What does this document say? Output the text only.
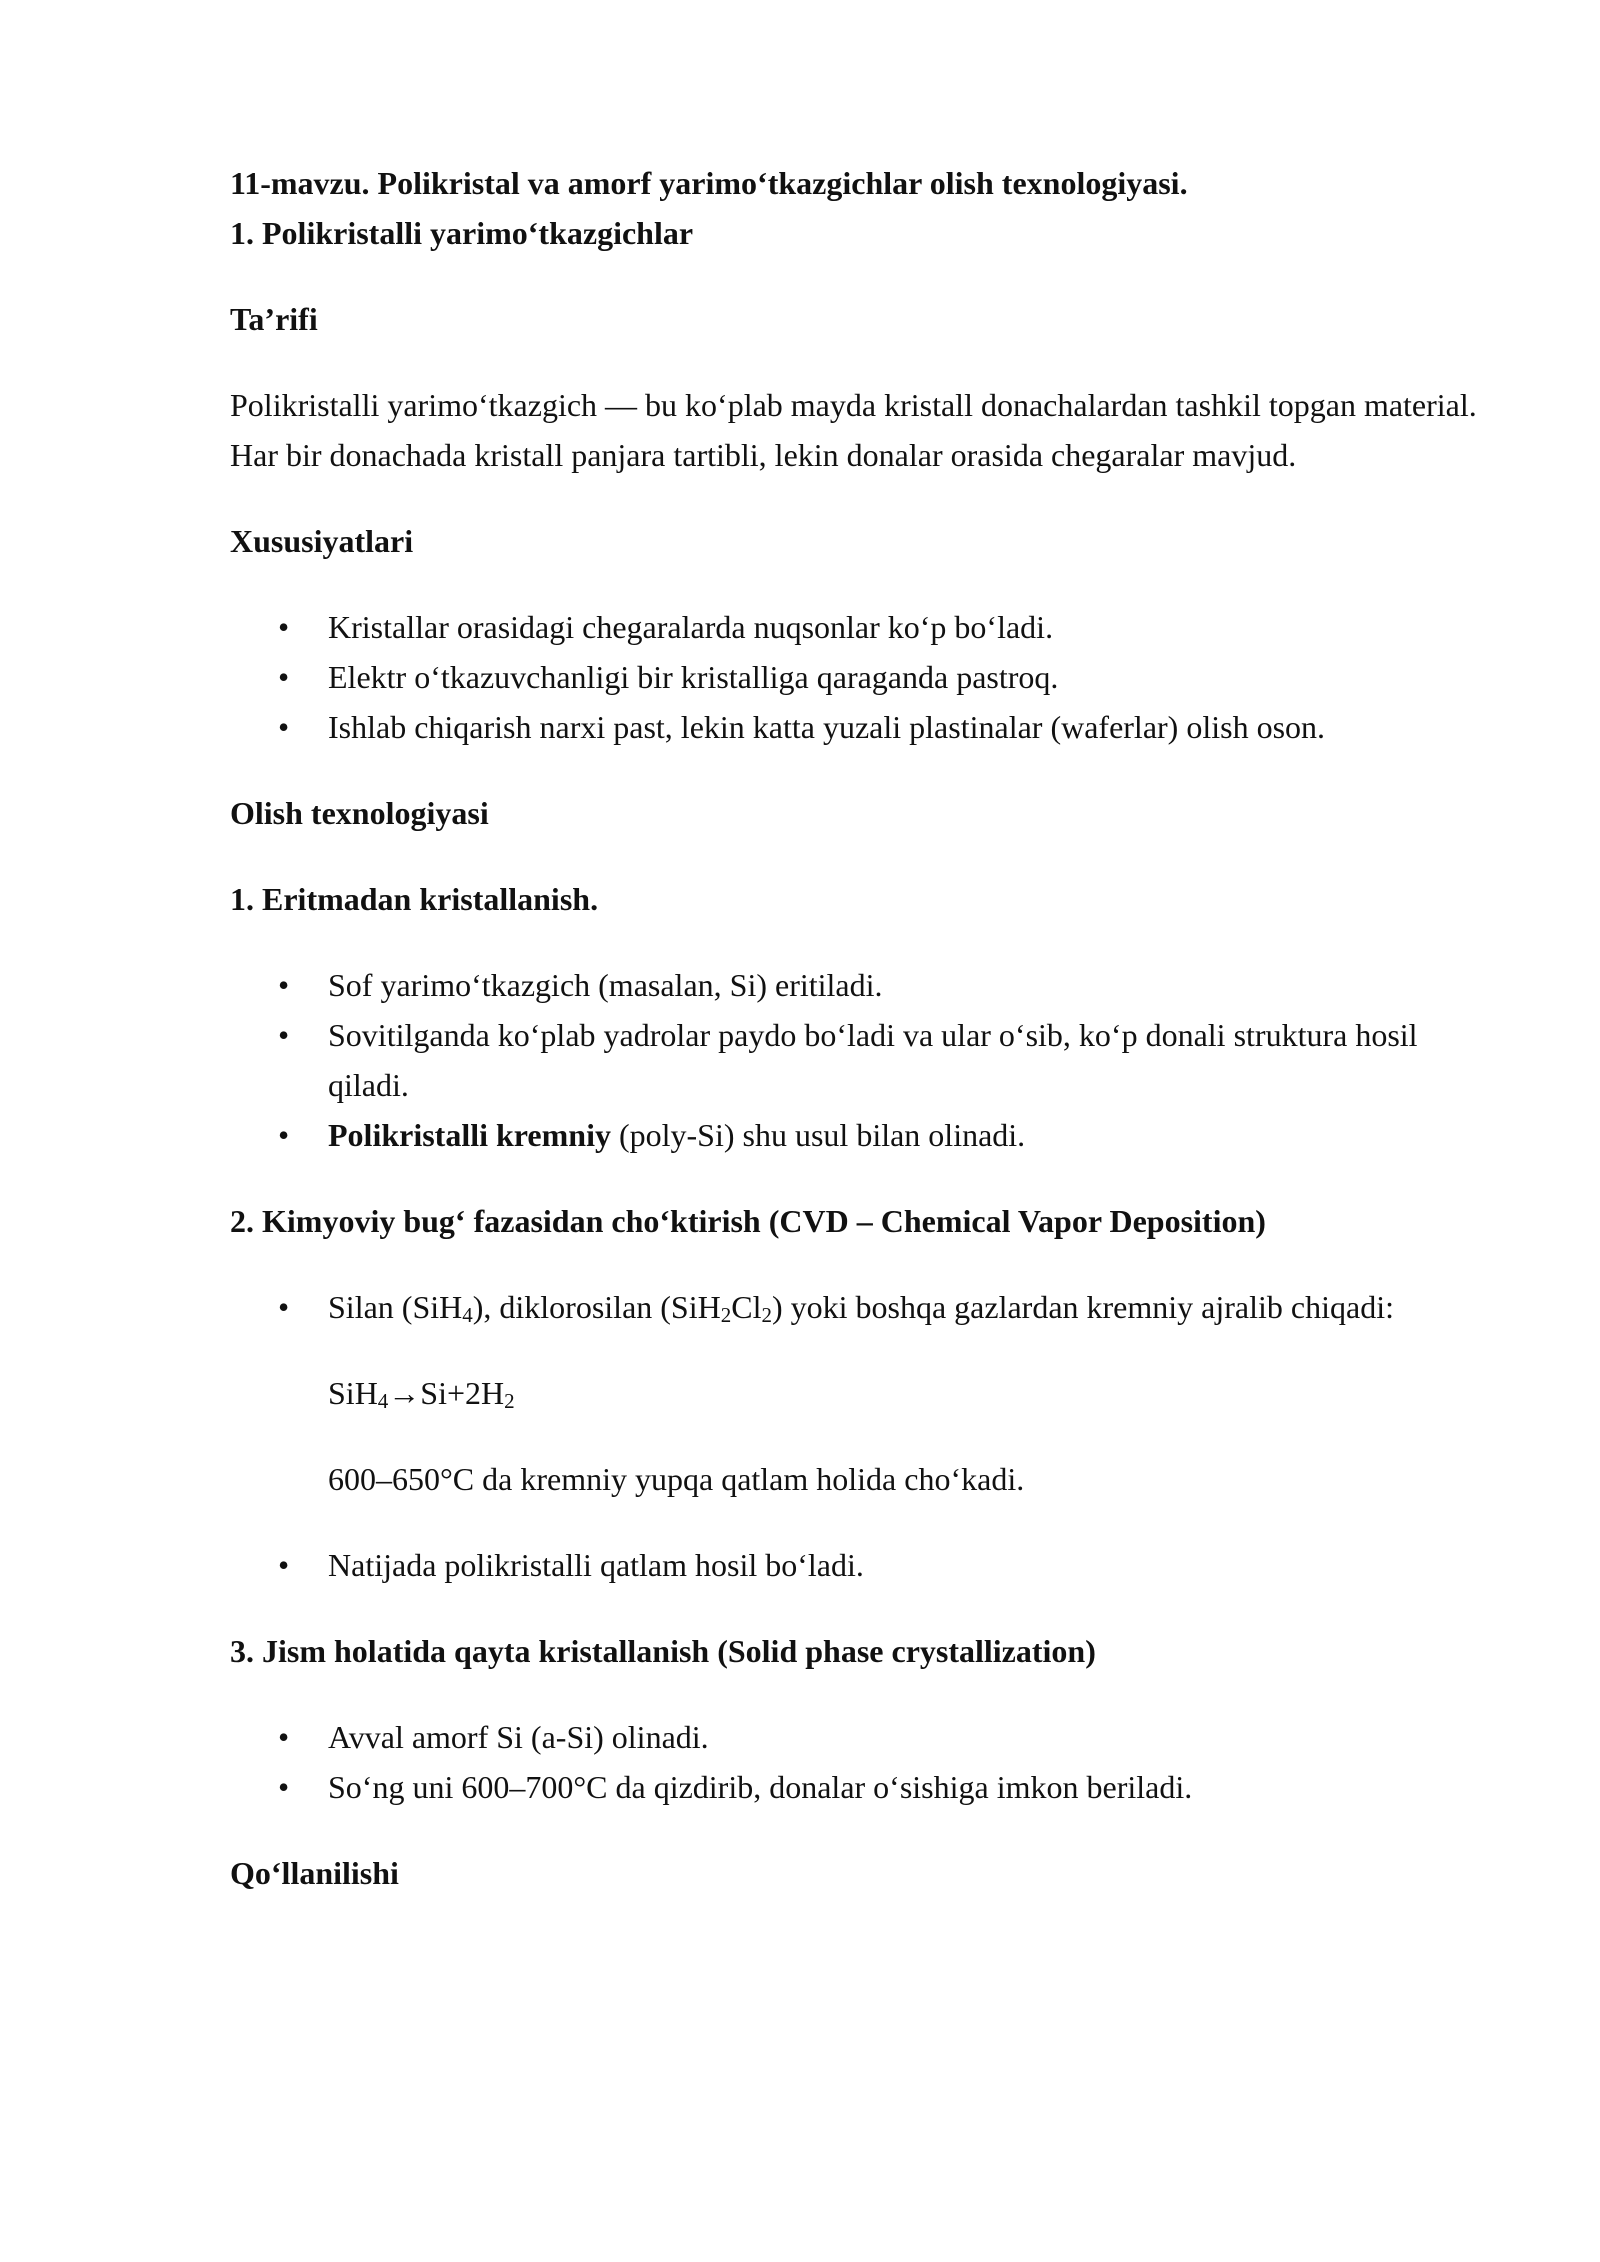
11-mavzu. Polikristal va amorf yarimo‘tkazgichlar olish texnologiyasi.

1. Polikristalli yarimo‘tkazgichlar

Ta’rifi

Polikristalli yarimo‘tkazgich — bu ko‘plab mayda kristall donachalardan tashkil topgan material. Har bir donachada kristall panjara tartibli, lekin donalar orasida chegaralar mavjud.

Xususiyatlari

• Kristallar orasidagi chegaralarda nuqsonlar ko‘p bo‘ladi.
• Elektr o‘tkazuvchanligi bir kristalliga qaraganda pastroq.
• Ishlab chiqarish narxi past, lekin katta yuzali plastinalar (waferlar) olish oson.

Olish texnologiyasi

1. Eritmadan kristallanish.

• Sof yarimo‘tkazgich (masalan, Si) eritiladi.
• Sovitilganda ko‘plab yadrolar paydo bo‘ladi va ular o‘sib, ko‘p donali struktura hosil qiladi.
• Polikristalli kremniy (poly-Si) shu usul bilan olinadi.

2. Kimyoviy bug‘ fazasidan cho‘ktirish (CVD – Chemical Vapor Deposition)

• Silan (SiH$_4$), diklorosilan $(SiH_2Cl_2)$ yoki boshqa gazlardan kremniy ajralib chiqadi:
$SiH_4\to Si+2H_2$
600–650°C da kremniy yupqa qatlam holida cho‘kadi.
• Natijada polikristalli qatlam hosil bo‘ladi.

3. Jism holatida qayta kristallanish (Solid phase crystallization)

• Avval amorf Si (a-Si) olinadi.
• So‘ng uni 600–700°C da qizdirib, donalar o‘sishiga imkon beriladi.

Qo‘llanilishi
